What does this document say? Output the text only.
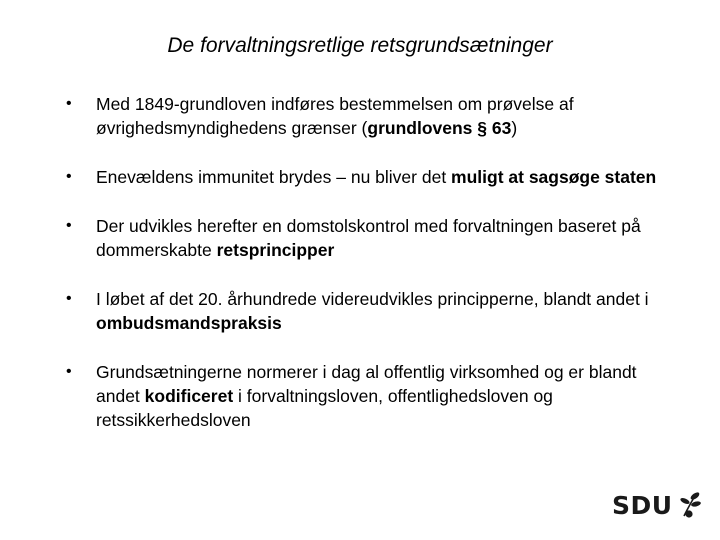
De forvaltningsretlige retsgrundsætninger
• Med 1849-grundloven indføres bestemmelsen om prøvelse af øvrighedsmyndighedens grænser (grundlovens § 63)
• Enevældens immunitet brydes – nu bliver det muligt at sagsøge staten
• Der udvikles herefter en domstolskontrol med forvaltningen baseret på dommerskabte retsprincipper
• I løbet af det 20. århundrede videreudvikles principperne, blandt andet i ombudsmandspraksis
• Grundsætningerne normerer i dag al offentlig virksomhed og er blandt andet kodificeret i forvaltningsloven, offentlighedsloven og retssikkerhedsloven
SDU
